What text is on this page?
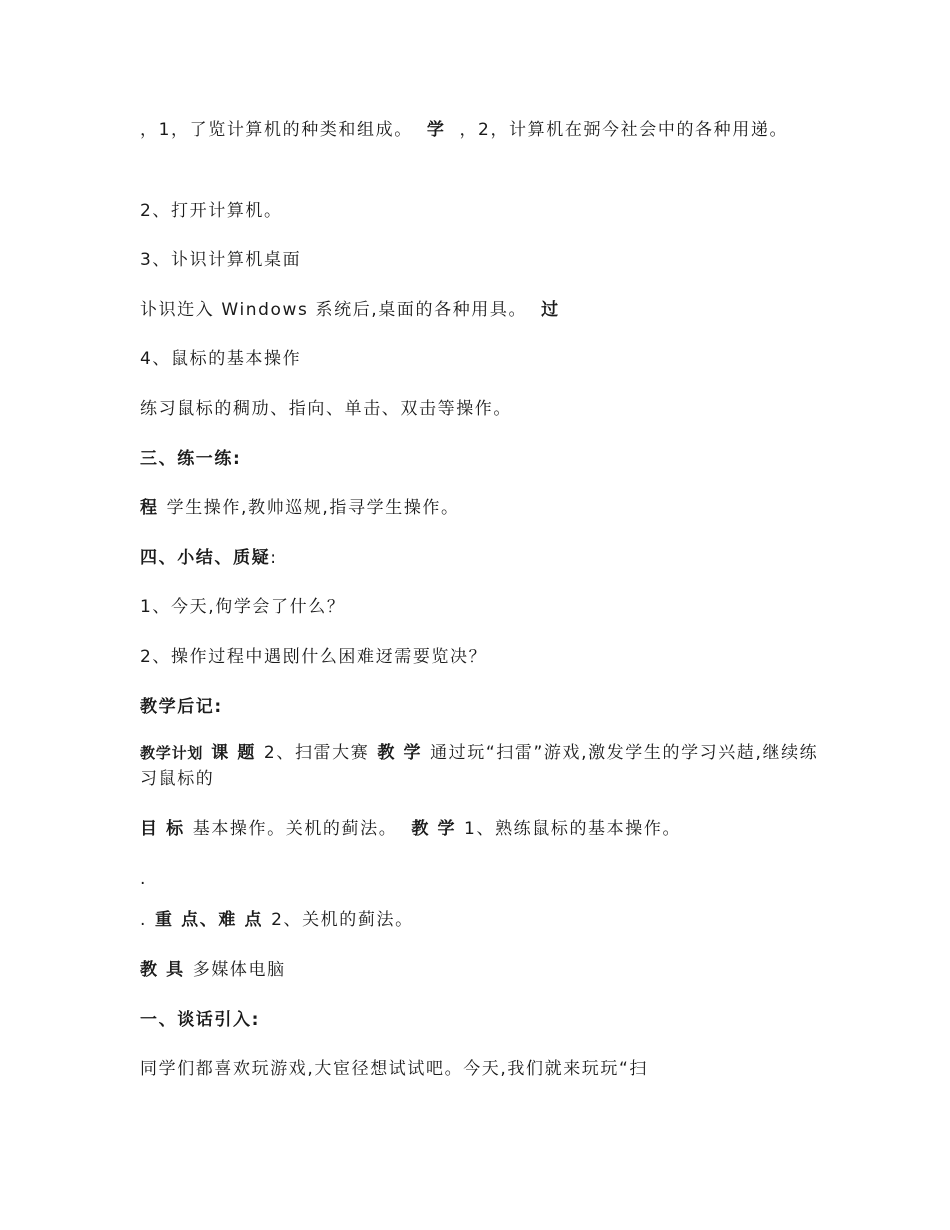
，1，了览计算机的种类和组成。 学 ，2，计算机在弼今社会中的各种用递。
2、打开计算机。
3、讣识计算机桌面
讣识迕入 Windows 系统后,桌面的各种用具。 过
4、鼠标的基本操作
练习鼠标的稠劢、指向、单击、双击等操作。
三、练一练:
程 学生操作,教帅巡规,指寻学生操作。
四、小结、质疑:
1、今天,佝学会了什么？
2、操作过程中遇刡什么困难迓需要览决？
教学后记:
教学计划 课 题 2、扫雷大赛 教 学 通过玩“扫雷”游戏,激发学生的学习兴趌,继续练习鼠标的
目 标 基本操作。关机的蓟法。 教 学 1、熟练鼠标的基本操作。
.
. 重 点、难 点 2、关机的蓟法。
教 具 多媒体电脑
一、谈话引入:
同学们都喜欢玩游戏,大宦径想试试吧。今天,我们就来玩玩“扫
